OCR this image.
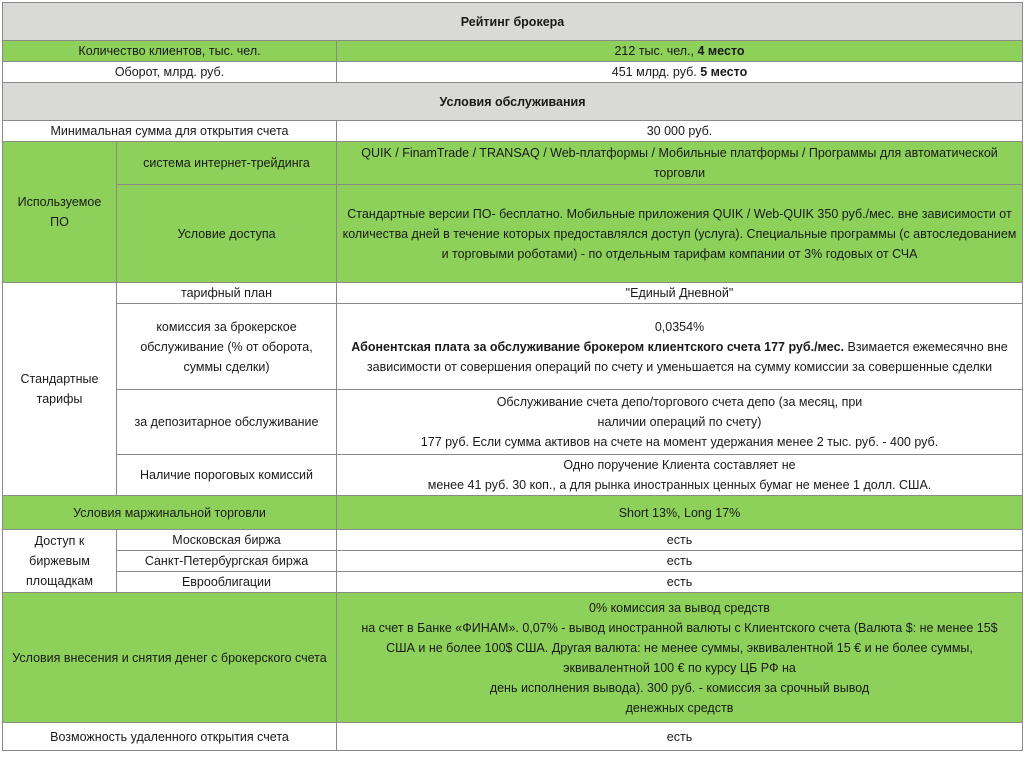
Рейтинг брокера		
Количество клиентов, тыс. чел.		212 тыс. чел., 4 место
Оборот, млрд. руб.		451 млрд. руб. 5 место
Условия обслуживания		
Минимальная сумма для открытия счета		30 000 руб.
Используемое ПО	система интернет-трейдинга	QUIK / FinamTrade / TRANSAQ / Web-платформы / Мобильные платформы / Программы для автоматической торговли
	Условие доступа	Стандартные версии ПО- бесплатно. Мобильные приложения QUIK / Web-QUIK 350 руб./мес. вне зависимости от количества дней в течение которых предоставлялся доступ (услуга). Специальные программы (с автоследованием и торговыми роботами) - по отдельным тарифам компании от 3% годовых от СЧА
Стандартные тарифы	тарифный план	"Единый Дневной"
	комиссия за брокерское обслуживание (% от оборота, суммы сделки)	0,0354%
Абонентская плата за обслуживание брокером клиентского счета 177 руб./мес. Взимается ежемесячно вне зависимости от совершения операций по счету и уменьшается на сумму комиссии за совершенные сделки
	за депозитарное обслуживание	Обслуживание счета депо/торгового счета депо (за месяц, при наличии операций по счету)
177 руб. Если сумма активов на счете на момент удержания менее 2 тыс. руб. - 400 руб.

	Наличие пороговых комиссий	Одно поручение Клиента составляет не
менее 41 руб. 30 коп., а для рынка иностранных ценных бумаг не менее 1 долл. США.

Условия маржинальной торговли		Short 13%, Long 17%
Доступ к биржевым площадкам	Московская биржа	есть
	Санкт-Петербургская биржа	есть
	Еврооблигации	есть
Условия внесения и снятия денег с брокерского счета		0% комиссия за вывод средств
на счет в Банке «ФИНАМ». 0,07% - вывод иностранной валюты с Клиентского счета (Валюта $: не менее 15$ США и не более 100$ США. Другая валюта: не менее суммы, эквивалентной 15 € и не более суммы, эквивалентной 100 € по курсу ЦБ РФ на
день исполнения вывода). 300 руб. - комиссия за срочный вывод
денежных средств

Возможность удаленного открытия счета		есть
